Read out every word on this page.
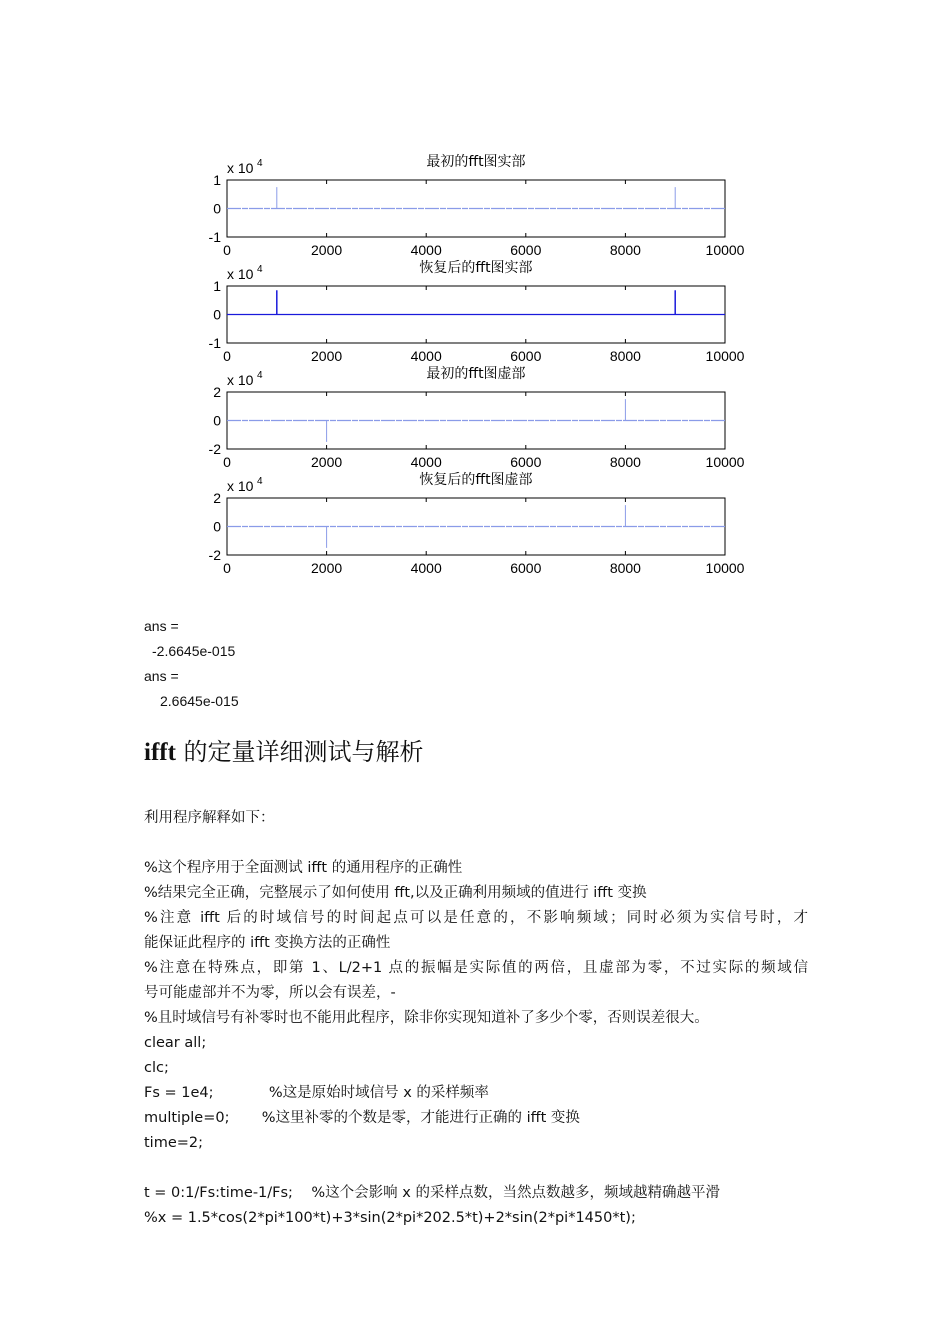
0	2000	4000	6000	8000	10000
1
0
-1
x 10 4	最初的fft图实部
0	2000	4000	6000	8000	10000
1
0
-1
x 10 4	恢复后的fft图实部
0	2000	4000	6000	8000	10000
2
0
-2
x 10 4	最初的fft图虚部
0	2000	4000	6000	8000	10000
2
0
-2
x 10 4	恢复后的fft图虚部
ans =
-2.6645e-015
ans =
2.6645e-015
ifft 的定量详细测试与解析
利用程序解释如下：
%这个程序用于全面测试 ifft 的通用程序的正确性
%结果完全正确，完整展示了如何使用 fft,以及正确利用频域的值进行 ifft 变换
%注意 ifft 后的时域信号的时间起点可以是任意的，不影响频域；同时必须为实信号时，才
能保证此程序的 ifft 变换方法的正确性
%注意在特殊点，即第 1、L/2+1 点的振幅是实际值的两倍，且虚部为零，不过实际的频域信
号可能虚部并不为零，所以会有误差，-
%且时域信号有补零时也不能用此程序，除非你实现知道补了多少个零，否则误差很大。
clear all;
clc;
Fs = 1e4;            %这是原始时域信号 x 的采样频率
multiple=0;       %这里补零的个数是零，才能进行正确的 ifft 变换
time=2;
t = 0:1/Fs:time-1/Fs;    %这个会影响 x 的采样点数，当然点数越多，频域越精确越平滑
%x = 1.5*cos(2*pi*100*t)+3*sin(2*pi*202.5*t)+2*sin(2*pi*1450*t);
